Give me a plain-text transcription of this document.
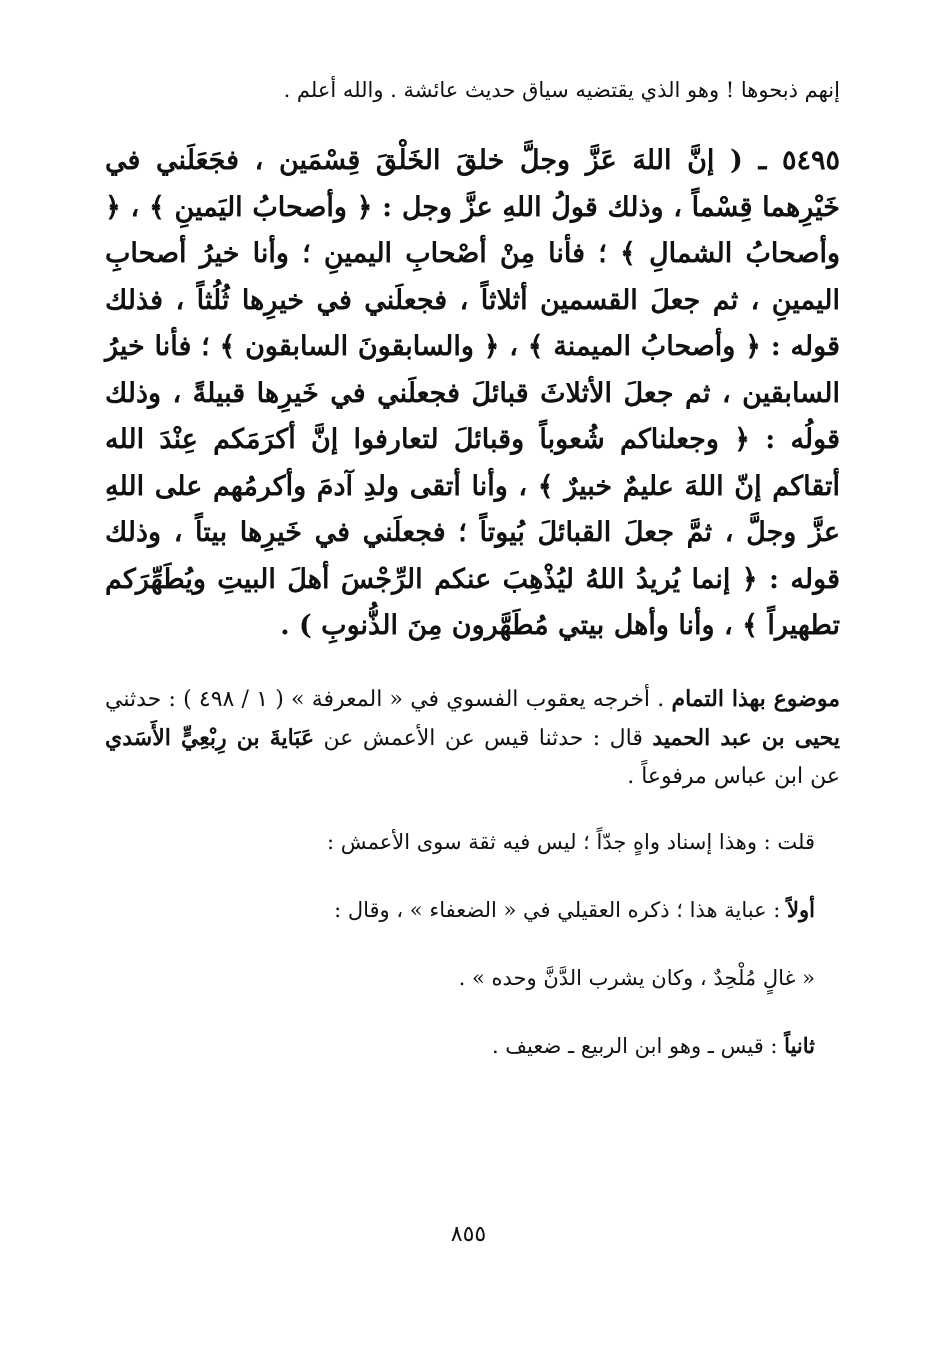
إنهم ذبحوها ! وهو الذي يقتضيه سياق حديث عائشة . والله أعلم .

٥٤٩٥ ـ ( إنَّ اللهَ عَزَّ وجلَّ خلقَ الخَلْقَ قِسْمَين ، فجَعَلَني في خَيْرِهما قِسْماً ، وذلك قولُ اللهِ عزَّ وجل : ﴿ وأصحابُ اليَمينِ ﴾ ، ﴿ وأصحابُ الشمالِ ﴾ ؛ فأنا مِنْ أصْحابِ اليمينِ ؛ وأنا خيرُ أصحابِ اليمينِ ، ثم جعلَ القسمين أثلاثاً ، فجعلَني في خيرِها ثُلُثاً ، فذلك قوله : ﴿ وأصحابُ الميمنة ﴾ ، ﴿ والسابقونَ السابقون ﴾ ؛ فأنا خيرُ السابقين ، ثم جعلَ الأثلاثَ قبائلَ فجعلَني في خَيرِها قبيلةً ، وذلك قولُه : ﴿ وجعلناكم شُعوباً وقبائلَ لتعارفوا إنَّ أكرَمَكم عِنْدَ الله أتقاكم إنّ اللهَ عليمٌ خبيرٌ ﴾ ، وأنا أتقى ولدِ آدمَ وأكرمُهم على اللهِ عزَّ وجلَّ ، ثمَّ جعلَ القبائلَ بُيوتاً ؛ فجعلَني في خَيرِها بيتاً ، وذلك قوله : ﴿ إنما يُريدُ اللهُ ليُذْهِبَ عنكم الرِّجْسَ أهلَ البيتِ ويُطَهِّرَكم تطهيراً ﴾ ، وأنا وأهل بيتي مُطَهَّرون مِنَ الذُّنوبِ ) .

موضوع بهذا التمام . أخرجه يعقوب الفسوي في « المعرفة » ( ١ / ٤٩٨ ) : حدثني يحيى بن عبد الحميد قال : حدثنا قيس عن الأعمش عن عَبَايةَ بن رِبْعِيٍّ الأَسَدي عن ابن عباس مرفوعاً .

قلت : وهذا إسناد واهٍ جدّاً ؛ ليس فيه ثقة سوى الأعمش :

أولاً : عباية هذا ؛ ذكره العقيلي في « الضعفاء » ، وقال :

« غالٍ مُلْحِدٌ ، وكان يشرب الدَّنَّ وحده » .

ثانياً : قيس ـ وهو ابن الربيع ـ ضعيف .

٨٥٥
